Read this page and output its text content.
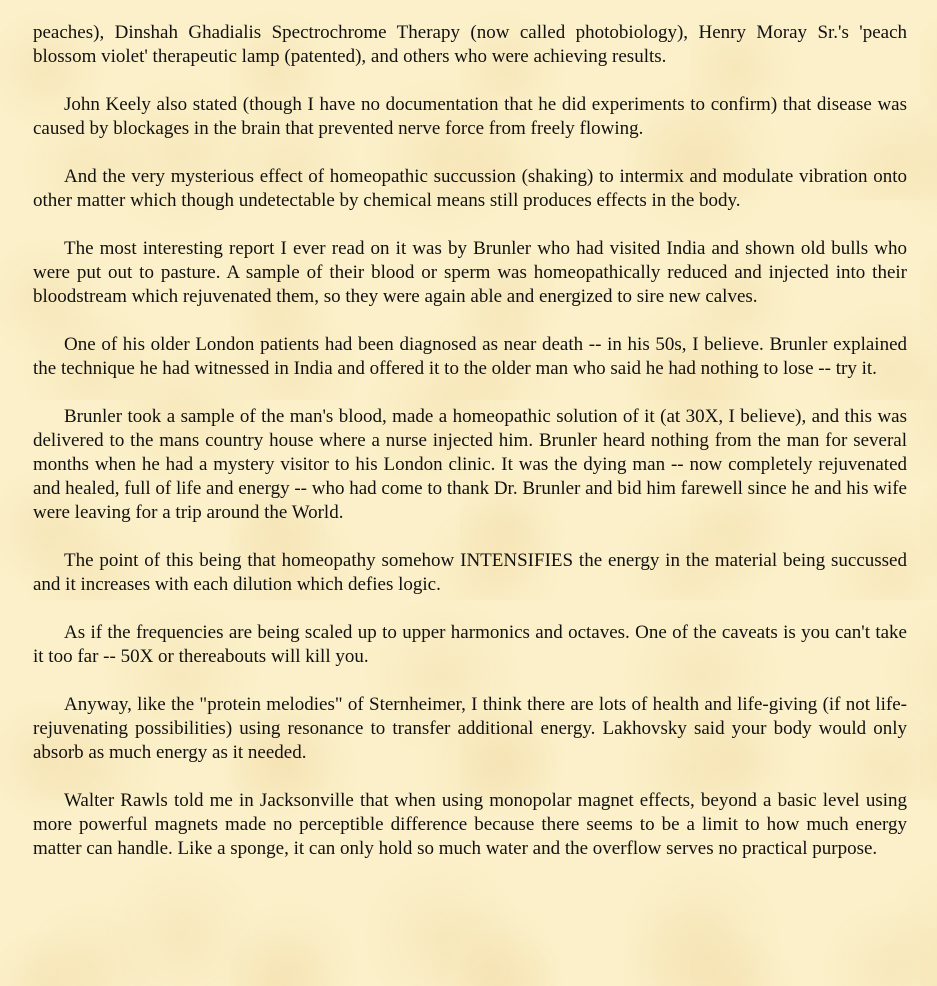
peaches), Dinshah Ghadialis Spectrochrome Therapy (now called photobiology), Henry Moray Sr.'s 'peach blossom violet' therapeutic lamp (patented), and others who were achieving results.

John Keely also stated (though I have no documentation that he did experiments to confirm) that disease was caused by blockages in the brain that prevented nerve force from freely flowing.

And the very mysterious effect of homeopathic succussion (shaking) to intermix and modulate vibration onto other matter which though undetectable by chemical means still produces effects in the body.

The most interesting report I ever read on it was by Brunler who had visited India and shown old bulls who were put out to pasture. A sample of their blood or sperm was homeopathically reduced and injected into their bloodstream which rejuvenated them, so they were again able and energized to sire new calves.

One of his older London patients had been diagnosed as near death -- in his 50s, I believe. Brunler explained the technique he had witnessed in India and offered it to the older man who said he had nothing to lose -- try it.

Brunler took a sample of the man's blood, made a homeopathic solution of it (at 30X, I believe), and this was delivered to the mans country house where a nurse injected him. Brunler heard nothing from the man for several months when he had a mystery visitor to his London clinic. It was the dying man -- now completely rejuvenated and healed, full of life and energy -- who had come to thank Dr. Brunler and bid him farewell since he and his wife were leaving for a trip around the World.

The point of this being that homeopathy somehow INTENSIFIES the energy in the material being succussed and it increases with each dilution which defies logic.

As if the frequencies are being scaled up to upper harmonics and octaves. One of the caveats is you can't take it too far -- 50X or thereabouts will kill you.

Anyway, like the "protein melodies" of Sternheimer, I think there are lots of health and life-giving (if not life-rejuvenating possibilities) using resonance to transfer additional energy. Lakhovsky said your body would only absorb as much energy as it needed.

Walter Rawls told me in Jacksonville that when using monopolar magnet effects, beyond a basic level using more powerful magnets made no perceptible difference because there seems to be a limit to how much energy matter can handle. Like a sponge, it can only hold so much water and the overflow serves no practical purpose.
